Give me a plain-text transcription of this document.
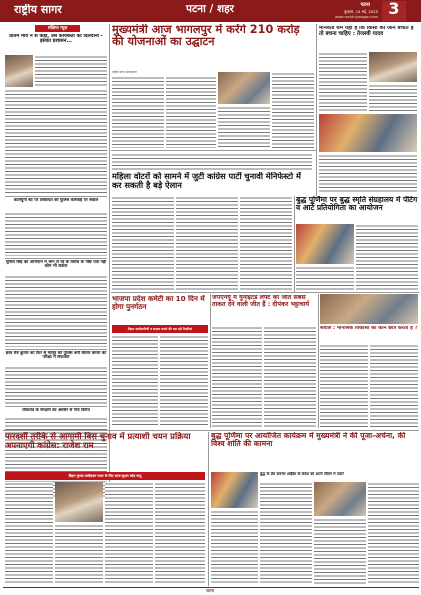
राष्ट्रीय सागर	पटना / शहर	पटना
बुधवार, 14 मई, 2025
www.rashtriyasagar.com 3
संक्षिप्त न्यूज़
प्रीतम मौर्य ने से कहा, उसे कार्यकर्ता को दिलवाना - इसका प्रशासन...
कलियुगी बेटे पर शिकायत की पुलिस कार्रवाई पर सवाल
सुनील सिंह को अभियान में भाग ले रहे के विरोध के पीछे पता नहीं कौन भी सवाल
छात्र रवि कुमार को फिर से माहिर की पुलिस बनी सितार कैमरा की परीक्षा में सफलता
लोकतंत्र के संरक्षण का अवसर से गांव विरोध
मुख्यमंत्री आज भागलपुर में करेंगे 210 करोड़ की योजनाओं का उद्घाटन
राष्ट्रीय सागर संवाददाता
मानवता धर्म यही है कि किसी की जान बचाते हैं तो बचना चाहिए : तेजस्वी यादव
महिला वोटरों को सामने में जुटी कांग्रेस पार्टी चुनावी मेनिफेस्टो में कर सकती है बड़े ऐलान
बुद्ध पूर्णिमा पर बुद्ध स्मृति संग्रहालय में पेंटिंग व आर्ट प्रतियोगिता का आयोजन
भाजपा प्रदेश कमेटी का 10 दिन में होगा पुनर्गठन
बिहार कार्यकारिणी व सदस्य बनाने की चल रही तैयारियां
जेपएनयू में युनाइटेड लेफ्ट की जीत सबसे ताकत देने वाली जीत हैं : दीपंकर भट्टाचार्य
सवाल : मानसिक विकासों को कौन छात्र करता है ?
पारदर्शी तरीके से आगामी विस चुनाव में प्रत्याशी चयन प्रक्रिया अपनाएगी कांग्रेस: राजेश राम
बिहार चुनाव उम्मीदवार चयन के लिए साफ-सुथरा कोड लागू
बुद्ध पूर्णिमा पर आयोजित कार्यक्रम में मुख्यमंत्री ने की पूजा-अर्चना, की विश्व शांति की कामना
बुद्ध के प्रेम करुणा अहिंसा के संदेश को अपने जीवन में उतारें
पटना
